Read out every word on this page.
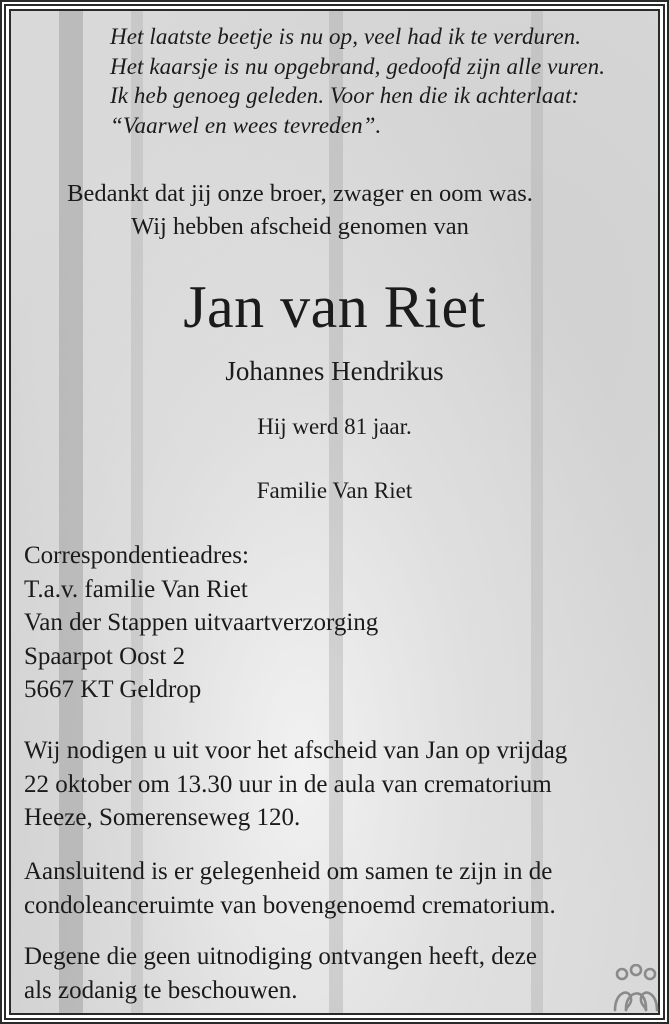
Het laatste beetje is nu op, veel had ik te verduren.
Het kaarsje is nu opgebrand, gedoofd zijn alle vuren.
Ik heb genoeg geleden. Voor hen die ik achterlaat:
“Vaarwel en wees tevreden”.
Bedankt dat jij onze broer, zwager en oom was.
Wij hebben afscheid genomen van
Jan van Riet
Johannes Hendrikus
Hij werd 81 jaar.
Familie Van Riet
Correspondentieadres:
T.a.v. familie Van Riet
Van der Stappen uitvaartverzorging
Spaarpot Oost 2
5667 KT Geldrop
Wij nodigen u uit voor het afscheid van Jan op vrijdag
22 oktober om 13.30 uur in de aula van crematorium
Heeze, Somerenseweg 120.
Aansluitend is er gelegenheid om samen te zijn in de
condoleanceruimte van bovengenoemd crematorium.
Degene die geen uitnodiging ontvangen heeft, deze
als zodanig te beschouwen.
